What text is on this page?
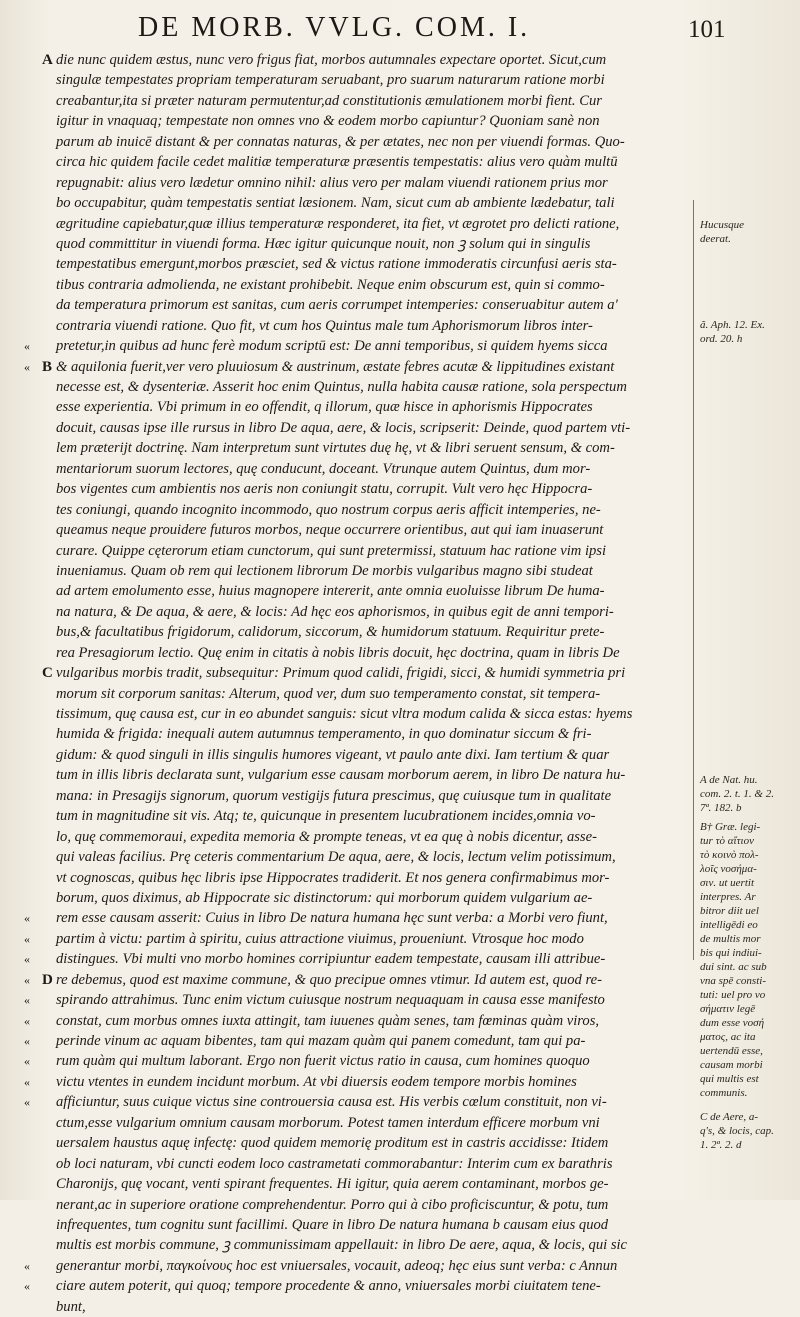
DE MORB. VVLG. COM. I.	101
A die nunc quidem æstus, nunc vero frigus fiat, morbos autumnales expectare oportet. Sicut,cum
singulæ tempestates propriam temperaturam seruabant, pro suarum naturarum ratione morbi
creabantur,ita si præter naturam permutentur,ad constitutionis æmulationem morbi fient. Cur
igitur in vnaquaq; tempestate non omnes vno & eodem morbo capiuntur? Quoniam sanè non
parum ab inuicē distant & per connatas naturas, & per ætates, nec non per viuendi formas. Quo-
circa hic quidem facile cedet malitiæ temperaturæ præsentis tempestatis: alius vero quàm multū
repugnabit: alius vero lædetur omnino nihil: alius vero per malam viuendi rationem prius mor
bo occupabitur, quàm tempestatis sentiat læsionem. Nam, sicut cum ab ambiente lædebatur, tali
ægritudine capiebatur,quæ illius temperaturæ responderet, ita fiet, vt ægrotet pro delicti ratione,
quod committitur in viuendi forma. Hæc igitur quicunque nouit, non ꝫ solum qui in singulis
tempestatibus emergunt,morbos præsciet, sed & victus ratione immoderatis circunfusi aeris sta-
tibus contraria admolienda, ne existant prohibebit. Neque enim obscurum est, quin si commo-
da temperatura primorum est sanitas, cum aeris corrumpet intemperies: conseruabitur autem a'
contraria viuendi ratione. Quo fit, vt cum hos Quintus male tum Aphorismorum libros inter-
« pretetur,in quibus ad hunc ferè modum scriptū est: De anni temporibus, si quidem hyems sicca
« B & aquilonia fuerit,ver vero pluuiosum & austrinum, æstate febres acutæ & lippitudines existant
necesse est, & dysenteriæ. Asserit hoc enim Quintus, nulla habita causæ ratione, sola perspectum
esse experientia. Vbi primum in eo offendit, q illorum, quæ hisce in aphorismis Hippocrates
docuit, causas ipse ille rursus in libro De aqua, aere, & locis, scripserit: Deinde, quod partem vti-
lem præterijt doctrinę. Nam interpretum sunt virtutes duę hę, vt & libri seruent sensum, & com-
mentariorum suorum lectores, quę conducunt, doceant. Vtrunque autem Quintus, dum mor-
bos vigentes cum ambientis nos aeris non coniungit statu, corrupit. Vult vero hęc Hippocra-
tes coniungi, quando incognito incommodo, quo nostrum corpus aeris afficit intemperies, ne-
queamus neque prouidere futuros morbos, neque occurrere orientibus, aut qui iam inuaserunt
curare. Quippe cęterorum etiam cunctorum, qui sunt pretermissi, statuum hac ratione vim ipsi
inueniamus. Quam ob rem qui lectionem librorum De morbis vulgaribus magno sibi studeat
ad artem emolumento esse, huius magnopere intererit, ante omnia euoluisse librum De huma-
na natura, & De aqua, & aere, & locis: Ad hęc eos aphorismos, in quibus egit de anni tempori-
bus,& facultatibus frigidorum, calidorum, siccorum, & humidorum statuum. Requiritur prete-
rea Presagiorum lectio. Quę enim in citatis à nobis libris docuit, hęc doctrina, quam in libris De
C vulgaribus morbis tradit, subsequitur: Primum quod calidi, frigidi, sicci, & humidi symmetria pri
morum sit corporum sanitas: Alterum, quod ver, dum suo temperamento constat, sit tempera-
tissimum, quę causa est, cur in eo abundet sanguis: sicut vltra modum calida & sicca estas: hyems
humida & frigida: inequali autem autumnus temperamento, in quo dominatur siccum & fri-
gidum: & quod singuli in illis singulis humores vigeant, vt paulo ante dixi. Iam tertium & quar
tum in illis libris declarata sunt, vulgarium esse causam morborum aerem, in libro De natura hu-
mana: in Presagijs signorum, quorum vestigijs futura prescimus, quę cuiusque tum in qualitate
tum in magnitudine sit vis. Atq; te, quicunque in presentem lucubrationem incides,omnia vo-
lo, quę commemoraui, expedita memoria & prompte teneas, vt ea quę à nobis dicentur, asse-
qui valeas facilius. Prę ceteris commentarium De aqua, aere, & locis, lectum velim potissimum,
vt cognoscas, quibus hęc libris ipse Hippocrates tradiderit. Et nos genera confirmabimus mor-
borum, quos diximus, ab Hippocrate sic distinctorum: qui morborum quidem vulgarium ae-
« rem esse causam asserit: Cuius in libro De natura humana hęc sunt verba: a Morbi vero fiunt,
« partim à victu: partim à spiritu, cuius attractione viuimus, proueniunt. Vtrosque hoc modo
« distingues. Vbi multi vno morbo homines corripiuntur eadem tempestate, causam illi attribue-
« D re debemus, quod est maxime commune, & quo precipue omnes vtimur. Id autem est, quod re-
« spirando attrahimus. Tunc enim victum cuiusque nostrum nequaquam in causa esse manifesto
« constat, cum morbus omnes iuxta attingit, tam iuuenes quàm senes, tam fœminas quàm viros,
« perinde vinum ac aquam bibentes, tam qui mazam quàm qui panem comedunt, tam qui pa-
« rum quàm qui multum laborant. Ergo non fuerit victus ratio in causa, cum homines quoquo
« victu vtentes in eundem incidunt morbum. At vbi diuersis eodem tempore morbis homines
« afficiuntur, suus cuique victus sine controuersia causa est. His verbis cœlum constituit, non vi-
ctum,esse vulgarium omnium causam morborum. Potest tamen interdum efficere morbum vni
uersalem haustus aquę infectę: quod quidem memorię proditum est in castris accidisse: Itidem
ob loci naturam, vbi cuncti eodem loco castrametati commorabantur: Interim cum ex barathris
Charonijs, quę vocant, venti spirant frequentes. Hi igitur, quia aerem contaminant, morbos ge-
nerant,ac in superiore oratione comprehendentur. Porro qui à cibo proficiscuntur, & potu, tum
infrequentes, tum cognitu sunt facillimi. Quare in libro De natura humana b causam eius quod
multis est morbis commune, ꝫ communissimam appellauit: in libro De aere, aqua, & locis, qui sic
« generantur morbi, παγκοίνους hoc est vniuersales, vocauit, adeoq; hęc eius sunt verba: c Annun
« ciare autem poterit, qui quoq; tempore procedente & anno, vniuersales morbi ciuitatem tene-
bunt,
Hucusque
deerat.
ã. Aph. 12. Ex.
ord. 20. h
A de Nat. hu.
com. 2. t. 1. & 2.
7ª. 182. b
B† Græ. legi-
tur τὸ αἴτιον
τὸ κοινὸ πολ-
λοῖς νοσήμα-
σιν. ut uertit
interpres. Ar
bitror diit uel
intelligēdi eo
de multis mor
bis qui indiui-
dui sint. ac sub
vna spē consti-
tuti: uel pro vo
σήματιν legē
dum esse νοσή
ματος, ac ita
uertendū esse,
causam morbi
qui multis est
communis.
C de Aere, a-
q's, & locis, cap.
1. 2ª. 2. d
